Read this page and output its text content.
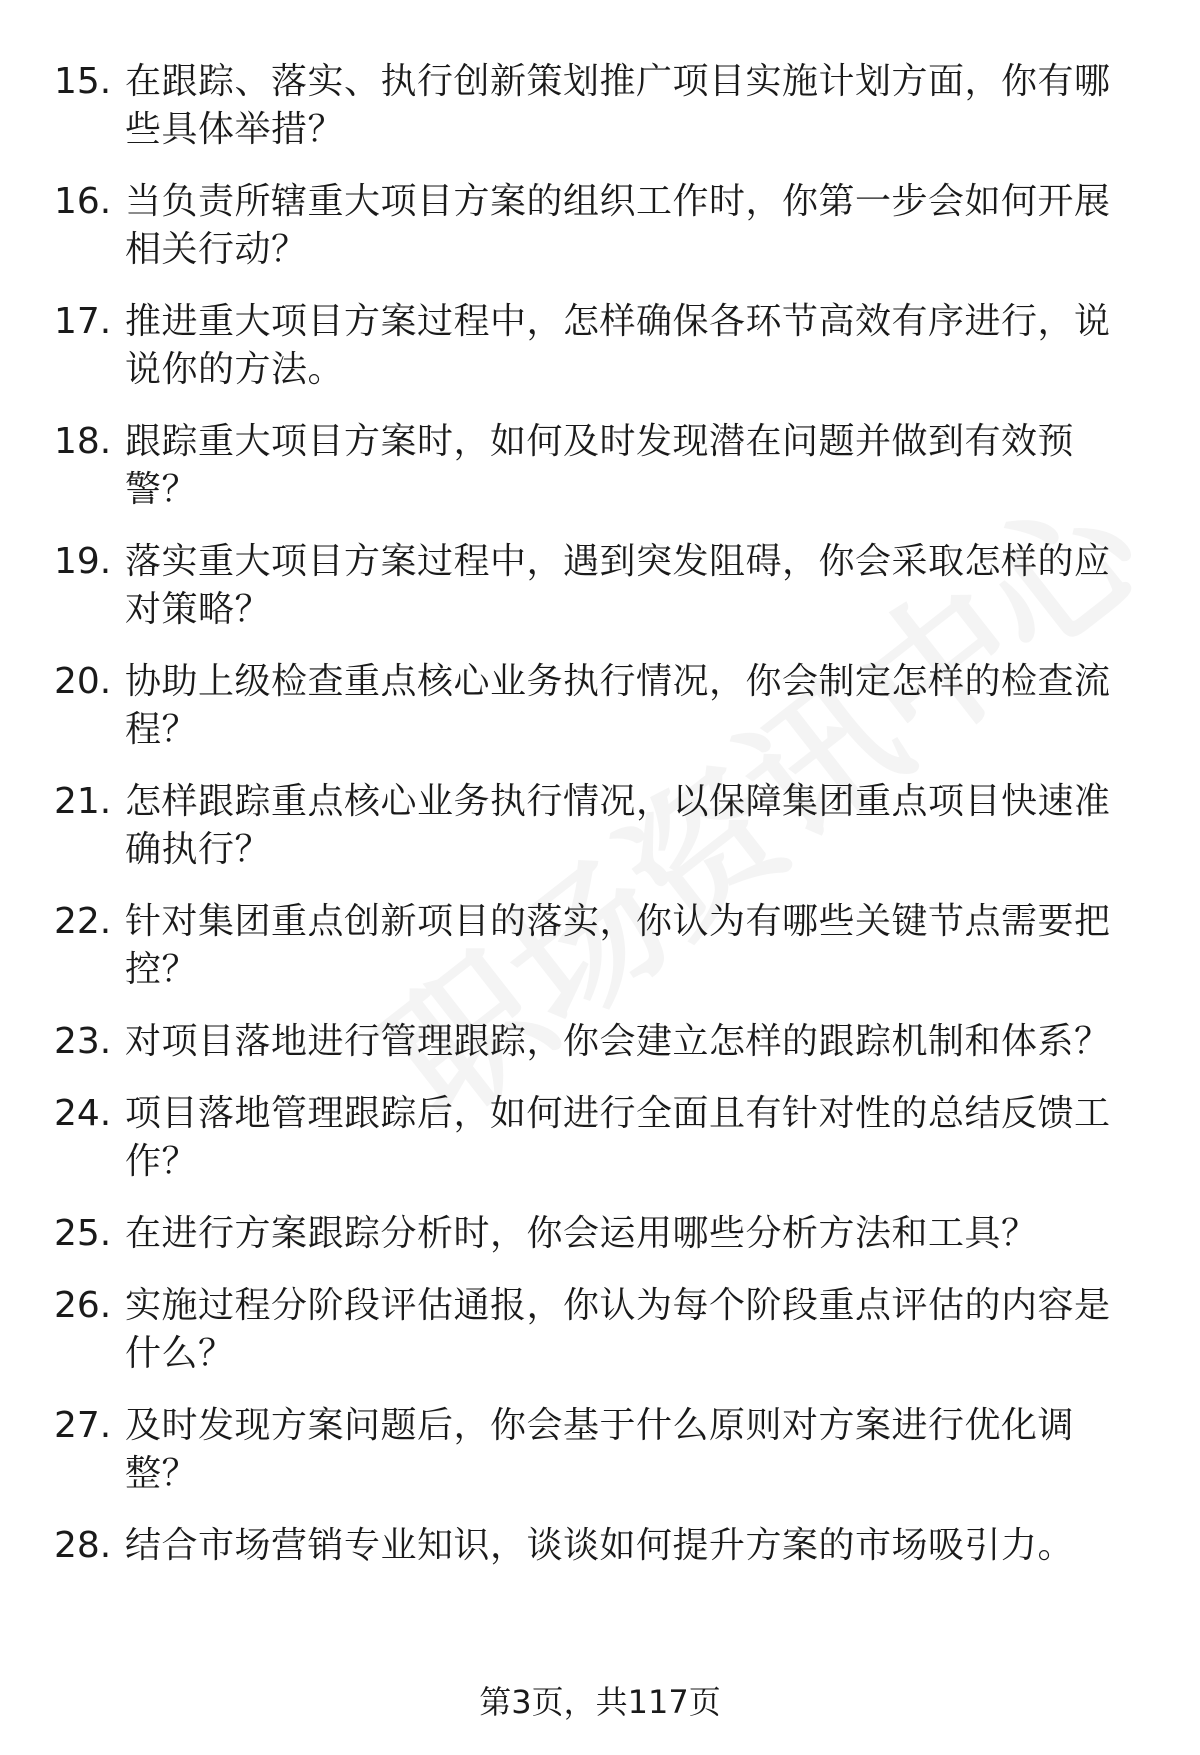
15. 在跟踪、落实、执行创新策划推广项目实施计划方面，你有哪些具体举措？
16. 当负责所辖重大项目方案的组织工作时，你第一步会如何开展相关行动？
17. 推进重大项目方案过程中，怎样确保各环节高效有序进行，说说你的方法。
18. 跟踪重大项目方案时，如何及时发现潜在问题并做到有效预警？
19. 落实重大项目方案过程中，遇到突发阻碍，你会采取怎样的应对策略？
20. 协助上级检查重点核心业务执行情况，你会制定怎样的检查流程？
21. 怎样跟踪重点核心业务执行情况，以保障集团重点项目快速准确执行？
22. 针对集团重点创新项目的落实，你认为有哪些关键节点需要把控？
23. 对项目落地进行管理跟踪，你会建立怎样的跟踪机制和体系？
24. 项目落地管理跟踪后，如何进行全面且有针对性的总结反馈工作？
25. 在进行方案跟踪分析时，你会运用哪些分析方法和工具？
26. 实施过程分阶段评估通报，你认为每个阶段重点评估的内容是什么？
27. 及时发现方案问题后，你会基于什么原则对方案进行优化调整？
28. 结合市场营销专业知识，谈谈如何提升方案的市场吸引力。
第3页，共117页
